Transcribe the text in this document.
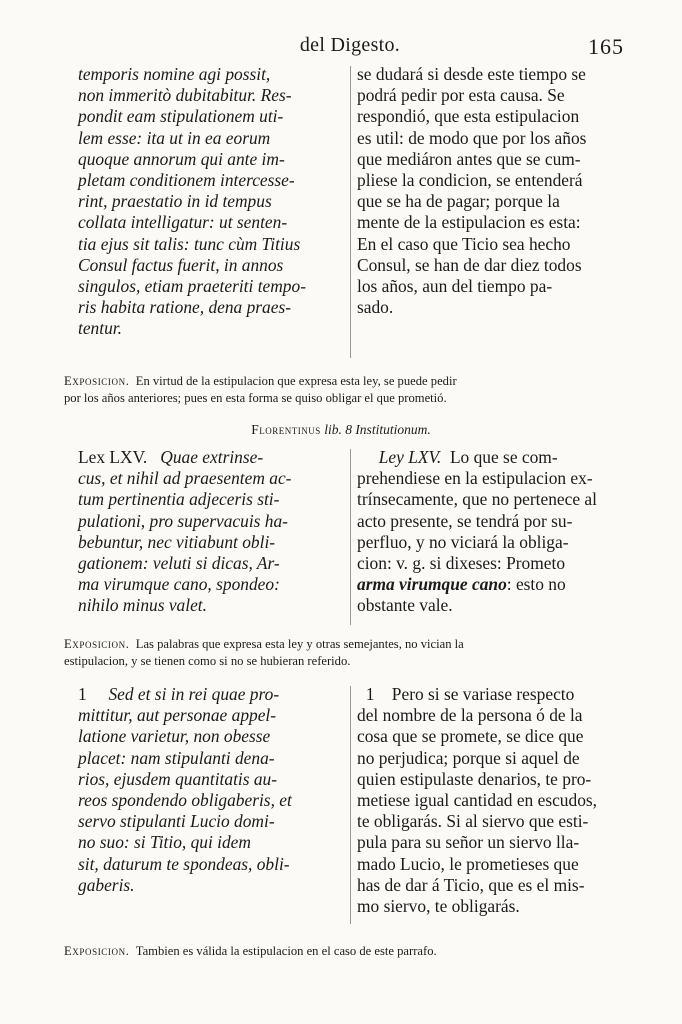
del Digesto.	165
temporis nomine agi possit,
non immeritò dubitabitur. Res-
pondit eam stipulationem uti-
lem esse: ita ut in ea eorum
quoque annorum qui ante im-
pletam conditionem intercesse-
rint, praestatio in id tempus
collata intelligatur: ut senten-
tia ejus sit talis: tunc cùm Titius
Consul factus fuerit, in annos
singulos, etiam praeteriti tempo-
ris habita ratione, dena praes-
tentur.
se dudará si desde este tiempo se
podrá pedir por esta causa. Se
respondió, que esta estipulacion
es util: de modo que por los años
que mediáron antes que se cum-
pliese la condicion, se entenderá
que se ha de pagar; porque la
mente de la estipulacion es esta:
En el caso que Ticio sea hecho
Consul, se han de dar diez todos
los años, aun del tiempo pa-
sado.
Exposicion. En virtud de la estipulacion que expresa esta ley, se puede pedir
por los años anteriores; pues en esta forma se quiso obligar el que prometió.
Florentinus lib. 8 Institutionum.
Lex LXV. Quae extrinse-
cus, et nihil ad praesentem ac-
tum pertinentia adjeceris sti-
pulationi, pro supervacuis ha-
bebuntur, nec vitiabunt obli-
gationem: veluti si dicas, Ar-
ma virumque cano, spondeo:
nihilo minus valet.
Ley LXV. Lo que se com-
prehendiese en la estipulacion ex-
trínsecamente, que no pertenece al
acto presente, se tendrá por su-
perfluo, y no viciará la obliga-
cion: v. g. si dixeses: Prometo
arma virumque cano: esto no
obstante vale.
Exposicion. Las palabras que expresa esta ley y otras semejantes, no vician la
estipulacion, y se tienen como si no se hubieran referido.
1 Sed et si in rei quae pro-
mittitur, aut personae appel-
latione varietur, non obesse
placet: nam stipulanti dena-
rios, ejusdem quantitatis au-
reos spondendo obligaberis, et
servo stipulanti Lucio domi-
no suo: si Titio, qui idem
sit, daturum te spondeas, obli-
gaberis.
1 Pero si se variase respecto
del nombre de la persona ó de la
cosa que se promete, se dice que
no perjudica; porque si aquel de
quien estipulaste denarios, te pro-
metiese igual cantidad en escudos,
te obligarás. Si al siervo que esti-
pula para su señor un siervo lla-
mado Lucio, le prometieses que
has de dar á Ticio, que es el mis-
mo siervo, te obligarás.
Exposicion. Tambien es válida la estipulacion en el caso de este parrafo.
